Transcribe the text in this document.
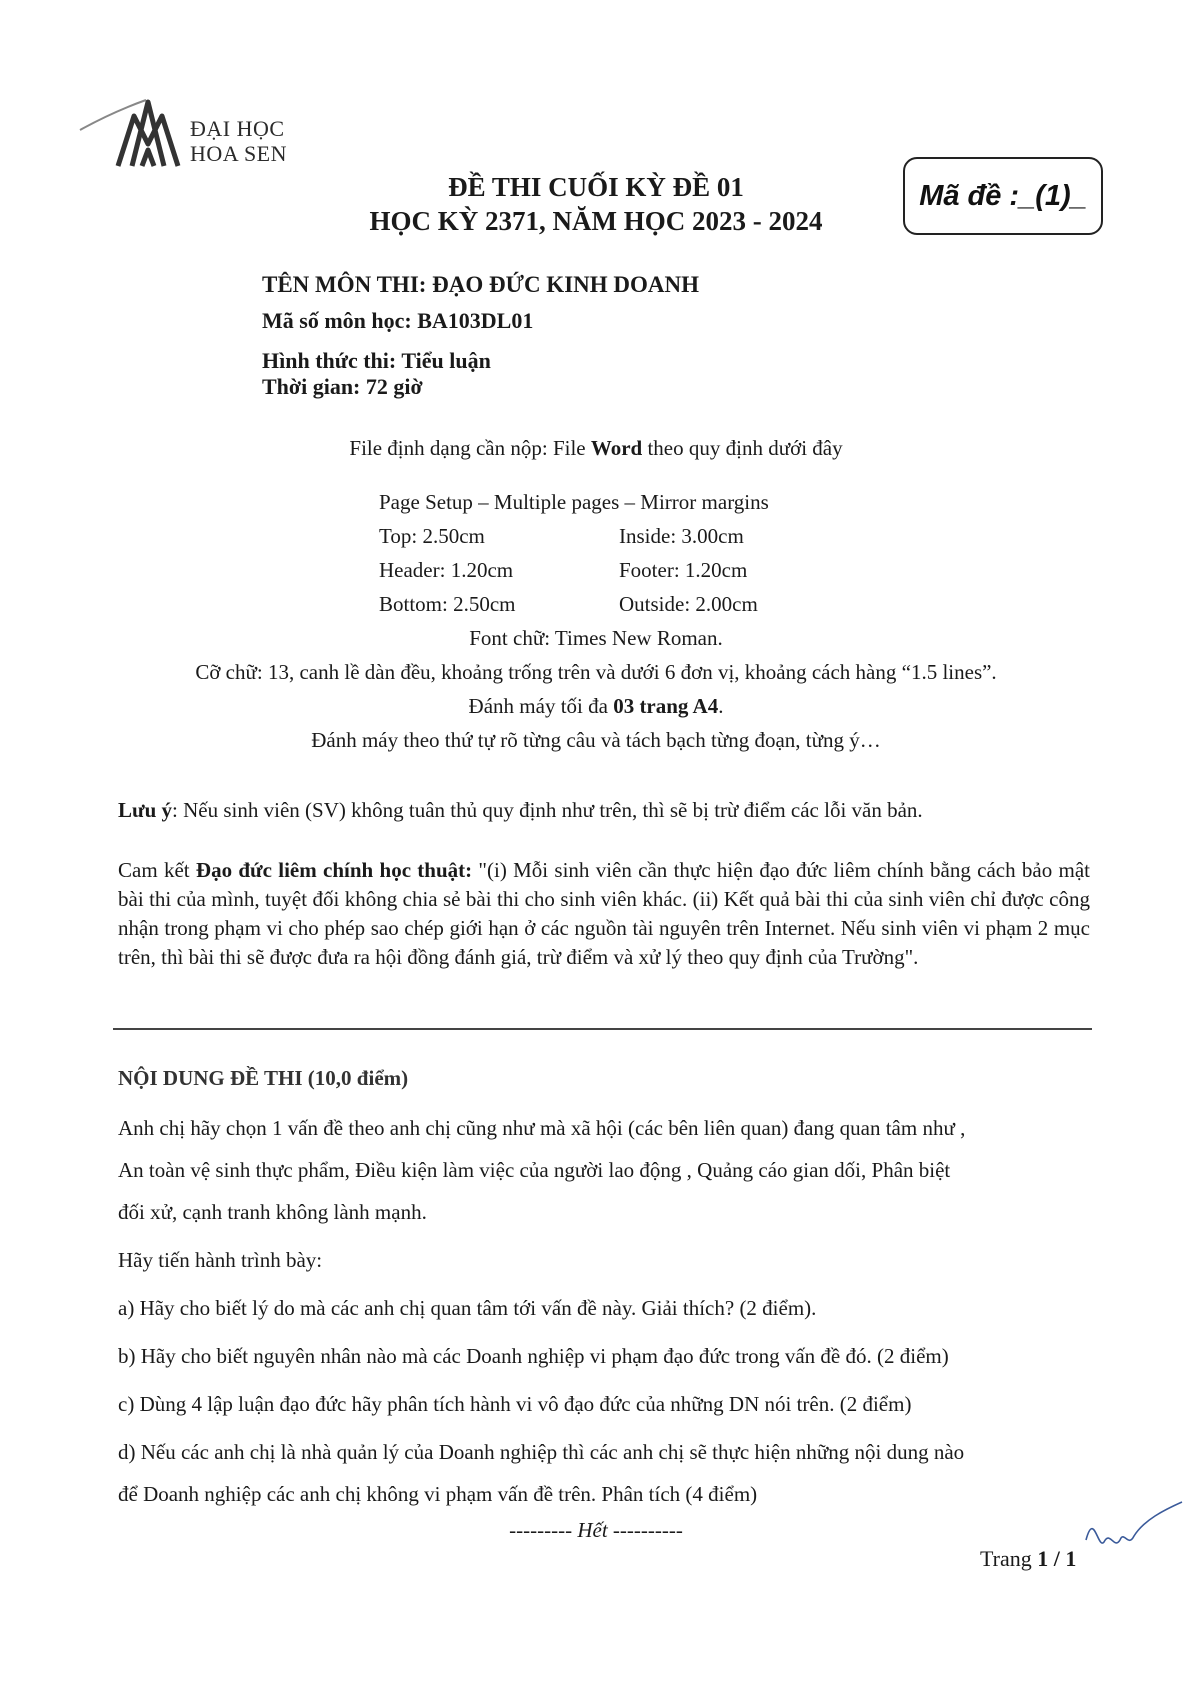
ĐẠI HỌC
HOA SEN
ĐỀ THI CUỐI KỲ ĐỀ 01
HỌC KỲ 2371, NĂM HỌC 2023 - 2024
Mã đề :_(1)_
TÊN MÔN THI: ĐẠO ĐỨC KINH DOANH
Mã số môn học: BA103DL01
Hình thức thi: Tiểu luận
Thời gian: 72 giờ
File định dạng cần nộp: File Word theo quy định dưới đây
Page Setup – Multiple pages – Mirror margins
Top: 2.50cm	Inside: 3.00cm
Header: 1.20cm	Footer: 1.20cm
Bottom: 2.50cm	Outside: 2.00cm
Font chữ: Times New Roman.
Cỡ chữ: 13, canh lề dàn đều, khoảng trống trên và dưới 6 đơn vị, khoảng cách hàng “1.5 lines”.
Đánh máy tối đa 03 trang A4.
Đánh máy theo thứ tự rõ từng câu và tách bạch từng đoạn, từng ý…
Lưu ý: Nếu sinh viên (SV) không tuân thủ quy định như trên, thì sẽ bị trừ điểm các lỗi văn bản.
Cam kết Đạo đức liêm chính học thuật: "(i) Mỗi sinh viên cần thực hiện đạo đức liêm chính bằng cách bảo mật bài thi của mình, tuyệt đối không chia sẻ bài thi cho sinh viên khác. (ii) Kết quả bài thi của sinh viên chỉ được công nhận trong phạm vi cho phép sao chép giới hạn ở các nguồn tài nguyên trên Internet. Nếu sinh viên vi phạm 2 mục trên, thì bài thi sẽ được đưa ra hội đồng đánh giá, trừ điểm và xử lý theo quy định của Trường".
NỘI DUNG ĐỀ THI (10,0 điểm)
Anh chị hãy chọn 1 vấn đề theo anh chị cũng như mà xã hội (các bên liên quan) đang quan tâm như ,
An toàn vệ sinh thực phẩm, Điều kiện làm việc của người lao động , Quảng cáo gian dối, Phân biệt
đối xử, cạnh tranh không lành mạnh.
Hãy tiến hành trình bày:
a) Hãy cho biết lý do mà các anh chị quan tâm tới vấn đề này. Giải thích? (2 điểm).
b) Hãy cho biết nguyên nhân nào mà các Doanh nghiệp vi phạm đạo đức trong vấn đề đó. (2 điểm)
c) Dùng 4 lập luận đạo đức hãy phân tích hành vi vô đạo đức của những DN nói trên. (2 điểm)
d) Nếu các anh chị là nhà quản lý của Doanh nghiệp thì các anh chị sẽ thực hiện những nội dung nào
để Doanh nghiệp các anh chị không vi phạm vấn đề trên. Phân tích (4 điểm)
--------- Hết ----------
Trang 1 / 1
